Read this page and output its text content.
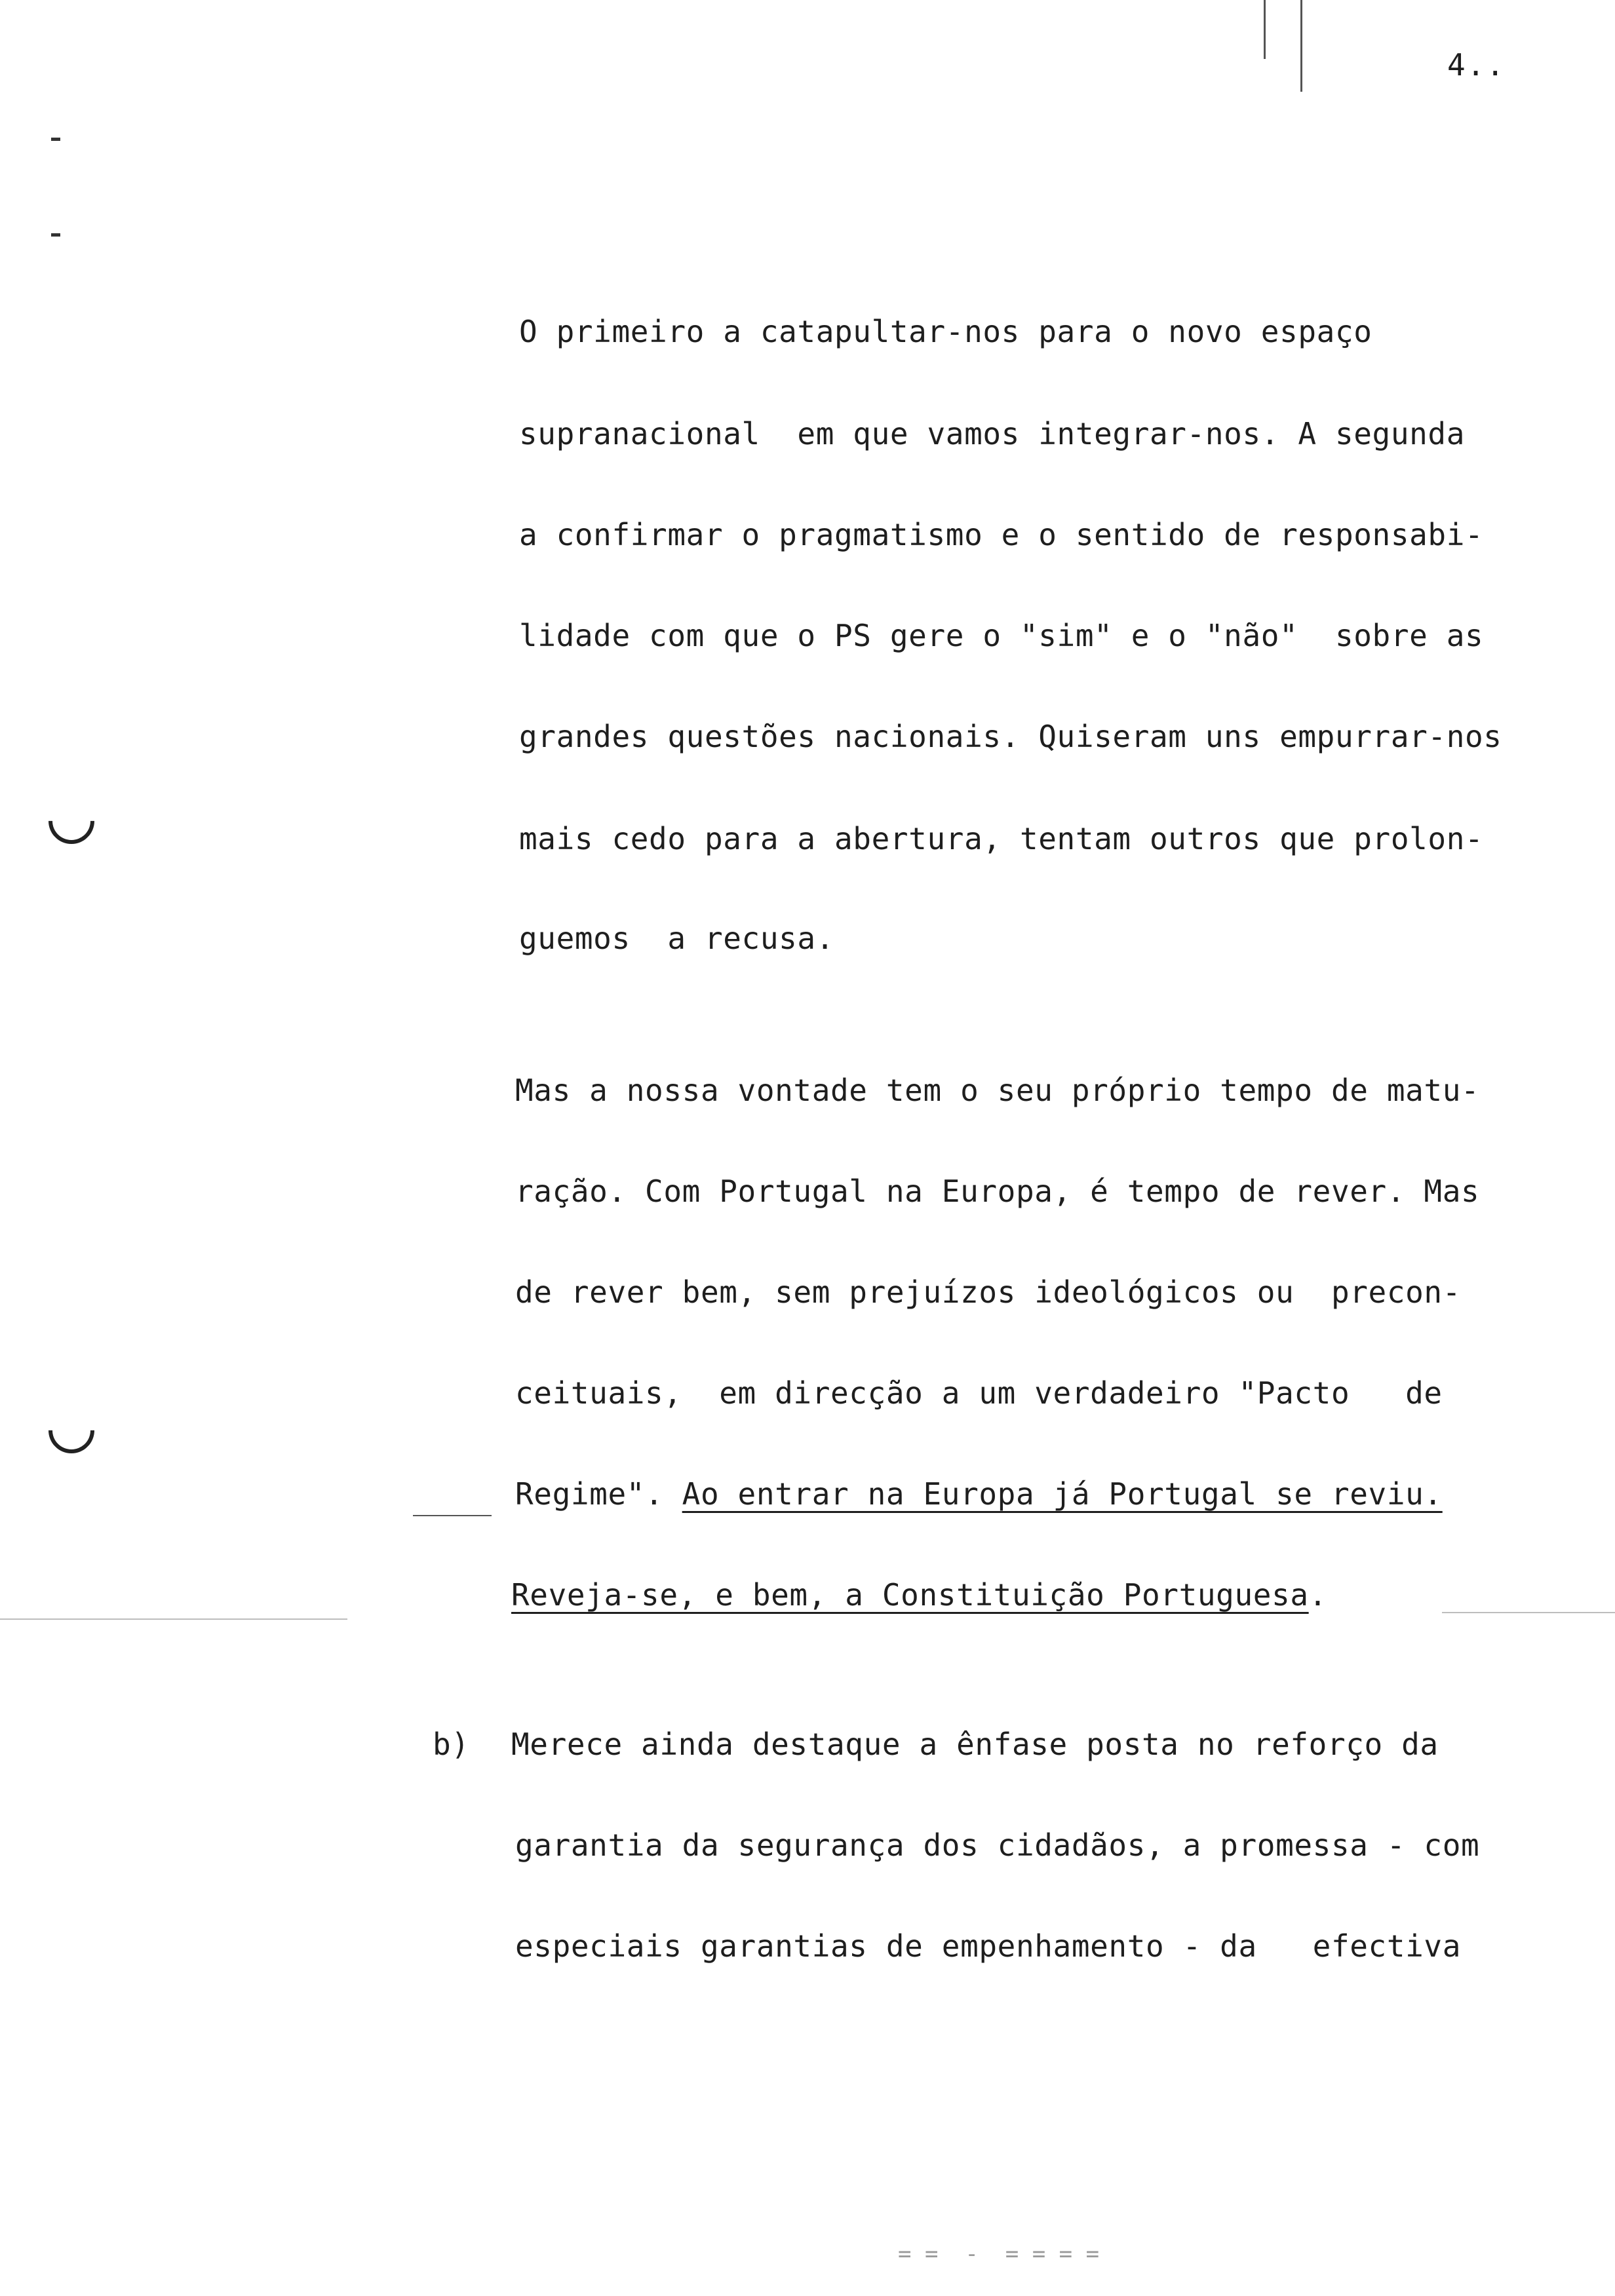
4..
O primeiro a catapultar-nos para o novo espaço
supranacional  em que vamos integrar-nos. A segunda
a confirmar o pragmatismo e o sentido de responsabi-
lidade com que o PS gere o "sim" e o "não"  sobre as
grandes questões nacionais. Quiseram uns empurrar-nos
mais cedo para a abertura, tentam outros que prolon-
guemos  a recusa.
Mas a nossa vontade tem o seu próprio tempo de matu-
ração. Com Portugal na Europa, é tempo de rever. Mas
de rever bem, sem prejuízos ideológicos ou  precon-
ceituais,  em direcção a um verdadeiro "Pacto   de
Regime". Ao entrar na Europa já Portugal se reviu.
Reveja-se, e bem, a Constituição Portuguesa.
b) Merece ainda destaque a ênfase posta no reforço da
garantia da segurança dos cidadãos, a promessa - com
especiais garantias de empenhamento - da   efectiva
= =  -  = = = =
